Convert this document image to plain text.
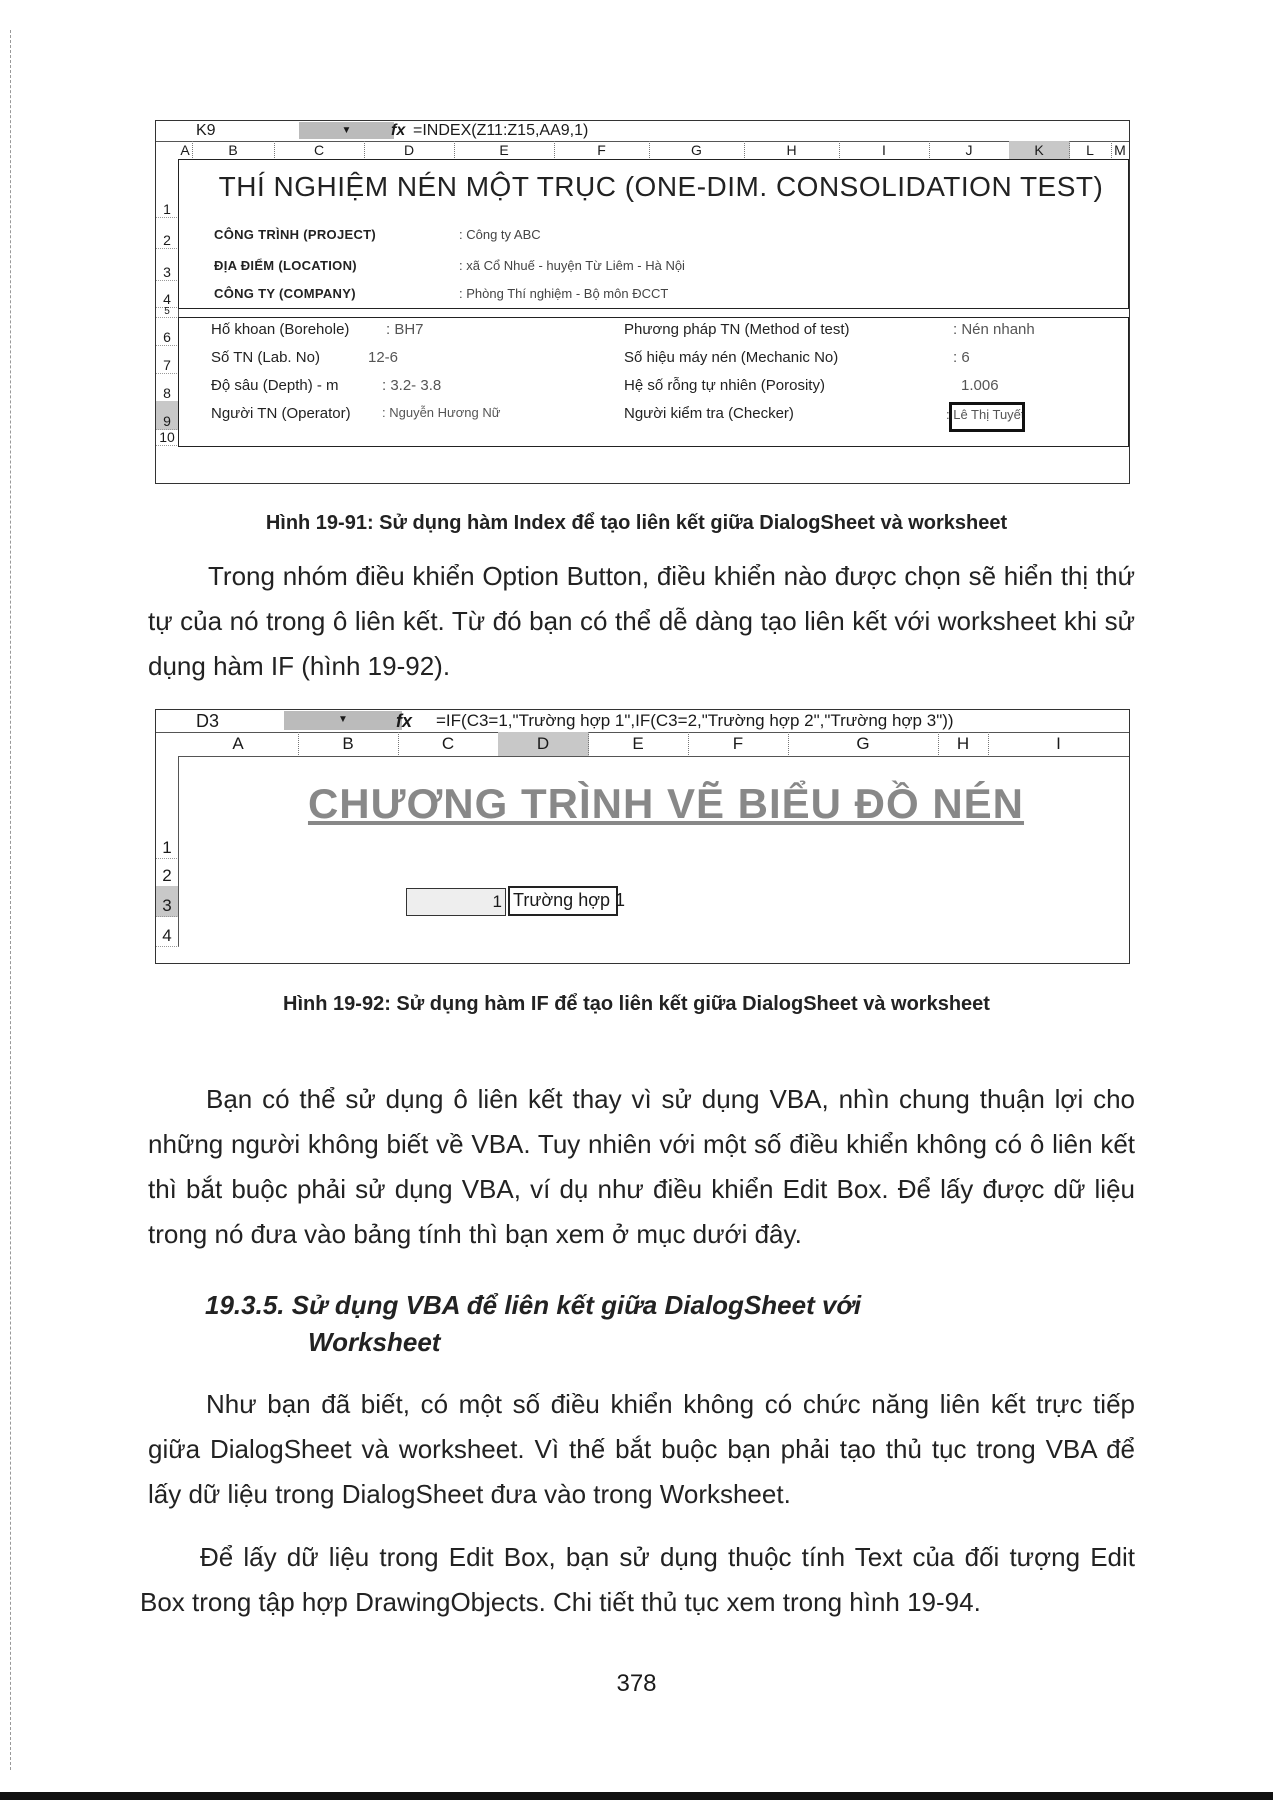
K9	▼	fx =INDEX(Z11:Z15,AA9,1)
A	B	C	D	E	F	G	H	I	J	K	L	M
1
2
3
4
5
6
7
8
9
10
THÍ NGHIỆM NÉN MỘT TRỤC (ONE-DIM. CONSOLIDATION TEST)
CÔNG TRÌNH (PROJECT)	: Công ty ABC
ĐỊA ĐIỂM (LOCATION)	: xã Cổ Nhuế - huyện Từ Liêm - Hà Nội
CÔNG TY (COMPANY)	: Phòng Thí nghiệm - Bộ môn ĐCCT
Hố khoan (Borehole) : BH7	Phương pháp TN (Method of test)	: Nén nhanh
Số TN (Lab. No)	12-6	Số hiệu máy nén (Mechanic No)	: 6
Độ sâu (Depth) - m	: 3.2- 3.8	Hệ số rỗng tự nhiên (Porosity)	1.006
Người TN (Operator) : Nguyễn Hương Nữ	Người kiểm tra (Checker)	: Lê Thị Tuyết
Hình 19-91: Sử dụng hàm Index để tạo liên kết giữa DialogSheet và worksheet
Trong nhóm điều khiển Option Button, điều khiển nào được chọn sẽ hiển thị thứ tự của nó trong ô liên kết. Từ đó bạn có thể dễ dàng tạo liên kết với worksheet khi sử dụng hàm IF (hình 19-92).
D3	▼	fx =IF(C3=1,"Trường hợp 1",IF(C3=2,"Trường hợp 2","Trường hợp 3"))
A	B	C	D	E	F	G	H	I
1
2
3
4
CHƯƠNG TRÌNH VẼ BIỂU ĐỒ NÉN
1 Trường hợp 1
Hình 19-92: Sử dụng hàm IF để tạo liên kết giữa DialogSheet và worksheet
Bạn có thể sử dụng ô liên kết thay vì sử dụng VBA, nhìn chung thuận lợi cho những người không biết về VBA. Tuy nhiên với một số điều khiển không có ô liên kết thì bắt buộc phải sử dụng VBA, ví dụ như điều khiển Edit Box. Để lấy được dữ liệu trong nó đưa vào bảng tính thì bạn xem ở mục dưới đây.
19.3.5. Sử dụng VBA để liên kết giữa DialogSheet với
Worksheet
Như bạn đã biết, có một số điều khiển không có chức năng liên kết trực tiếp giữa DialogSheet và worksheet. Vì thế bắt buộc bạn phải tạo thủ tục trong VBA để lấy dữ liệu trong DialogSheet đưa vào trong Worksheet.
Để lấy dữ liệu trong Edit Box, bạn sử dụng thuộc tính Text của đối tượng Edit Box trong tập hợp DrawingObjects. Chi tiết thủ tục xem trong hình 19-94.
378
